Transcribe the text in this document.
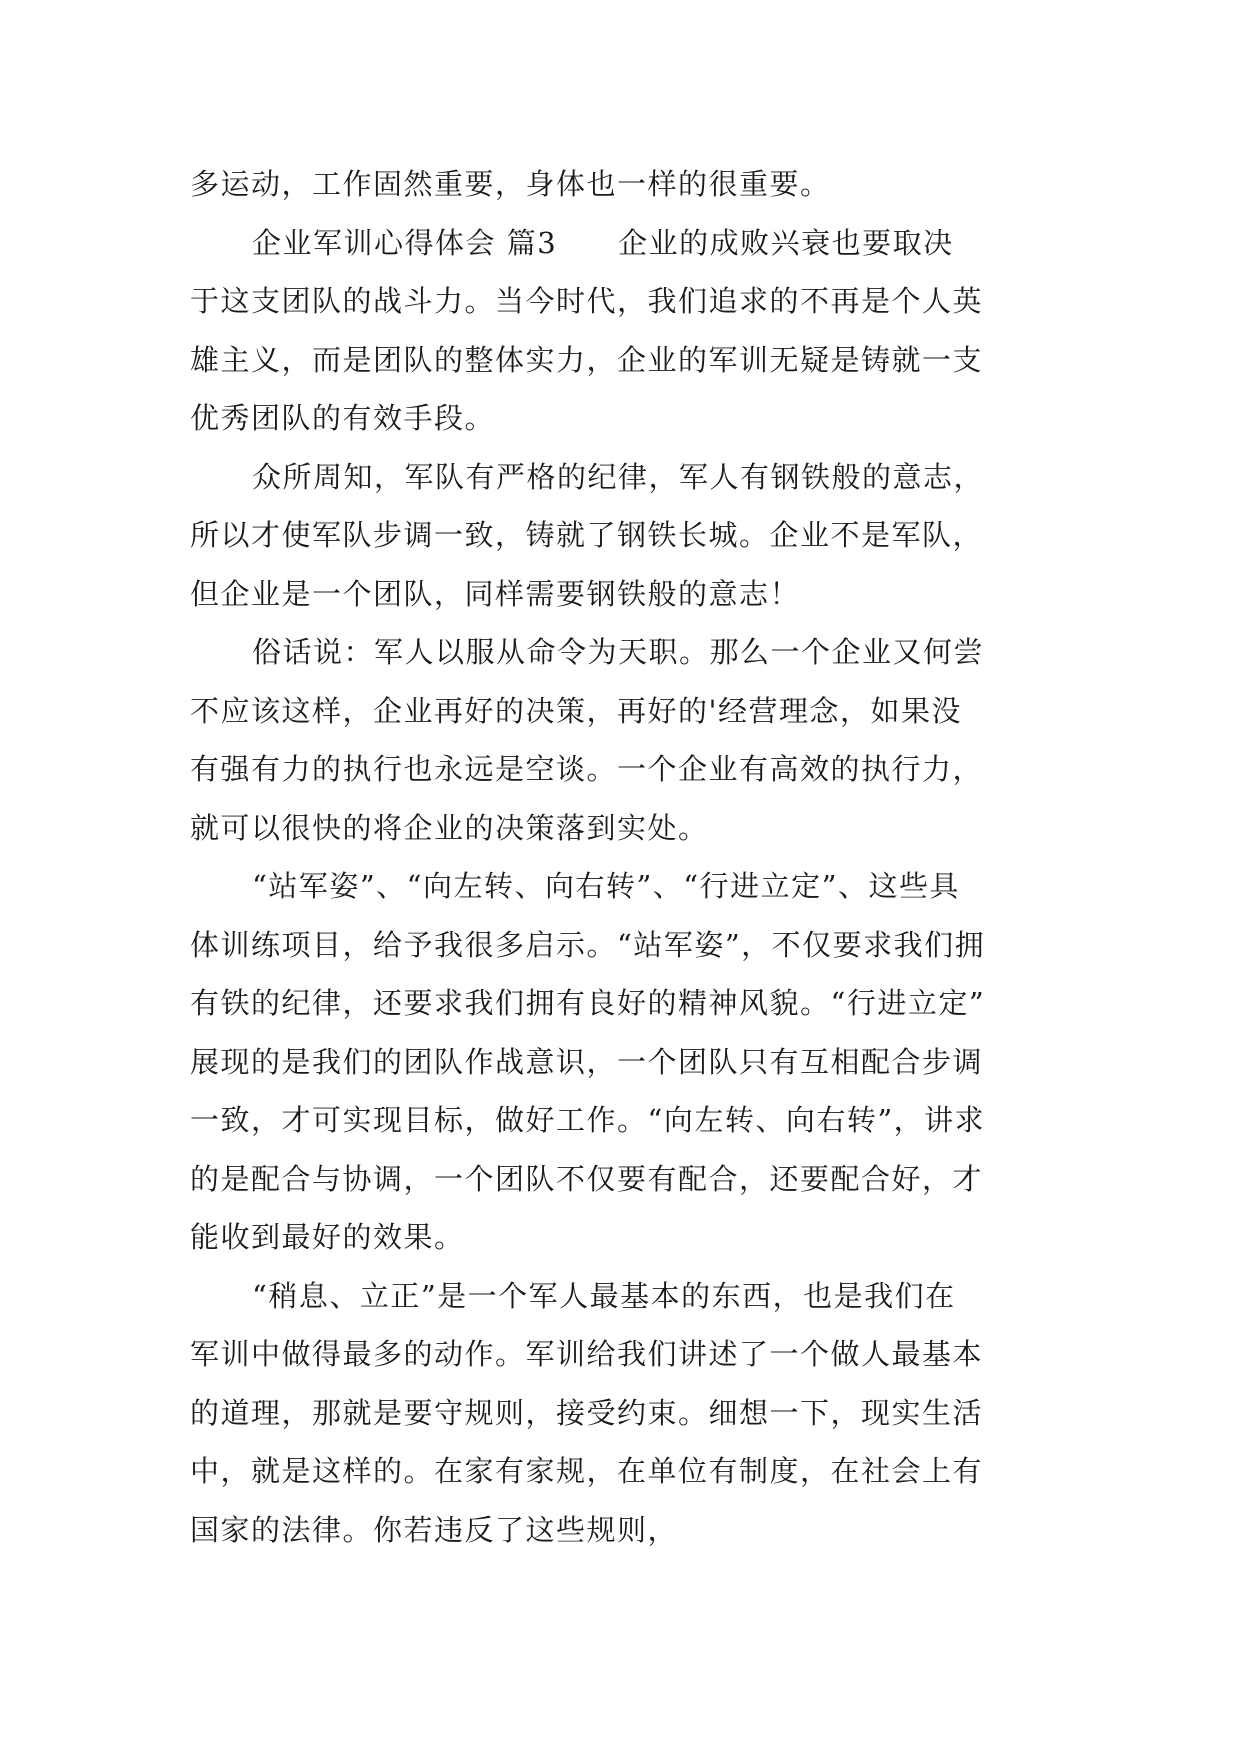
多运动，工作固然重要，身体也一样的很重要。
企业军训心得体会 篇3　　企业的成败兴衰也要取决
于这支团队的战斗力。当今时代，我们追求的不再是个人英
雄主义，而是团队的整体实力，企业的军训无疑是铸就一支
优秀团队的有效手段。
众所周知，军队有严格的纪律，军人有钢铁般的意志，
所以才使军队步调一致，铸就了钢铁长城。企业不是军队，
但企业是一个团队，同样需要钢铁般的意志！
俗话说：军人以服从命令为天职。那么一个企业又何尝
不应该这样，企业再好的决策，再好的'经营理念，如果没
有强有力的执行也永远是空谈。一个企业有高效的执行力，
就可以很快的将企业的决策落到实处。
“站军姿”、“向左转、向右转”、“行进立定”、这些具
体训练项目，给予我很多启示。“站军姿”，不仅要求我们拥
有铁的纪律，还要求我们拥有良好的精神风貌。“行进立定”
展现的是我们的团队作战意识，一个团队只有互相配合步调
一致，才可实现目标，做好工作。“向左转、向右转”，讲求
的是配合与协调，一个团队不仅要有配合，还要配合好，才
能收到最好的效果。
“稍息、立正”是一个军人最基本的东西，也是我们在
军训中做得最多的动作。军训给我们讲述了一个做人最基本
的道理，那就是要守规则，接受约束。细想一下，现实生活
中，就是这样的。在家有家规，在单位有制度，在社会上有
国家的法律。你若违反了这些规则，
